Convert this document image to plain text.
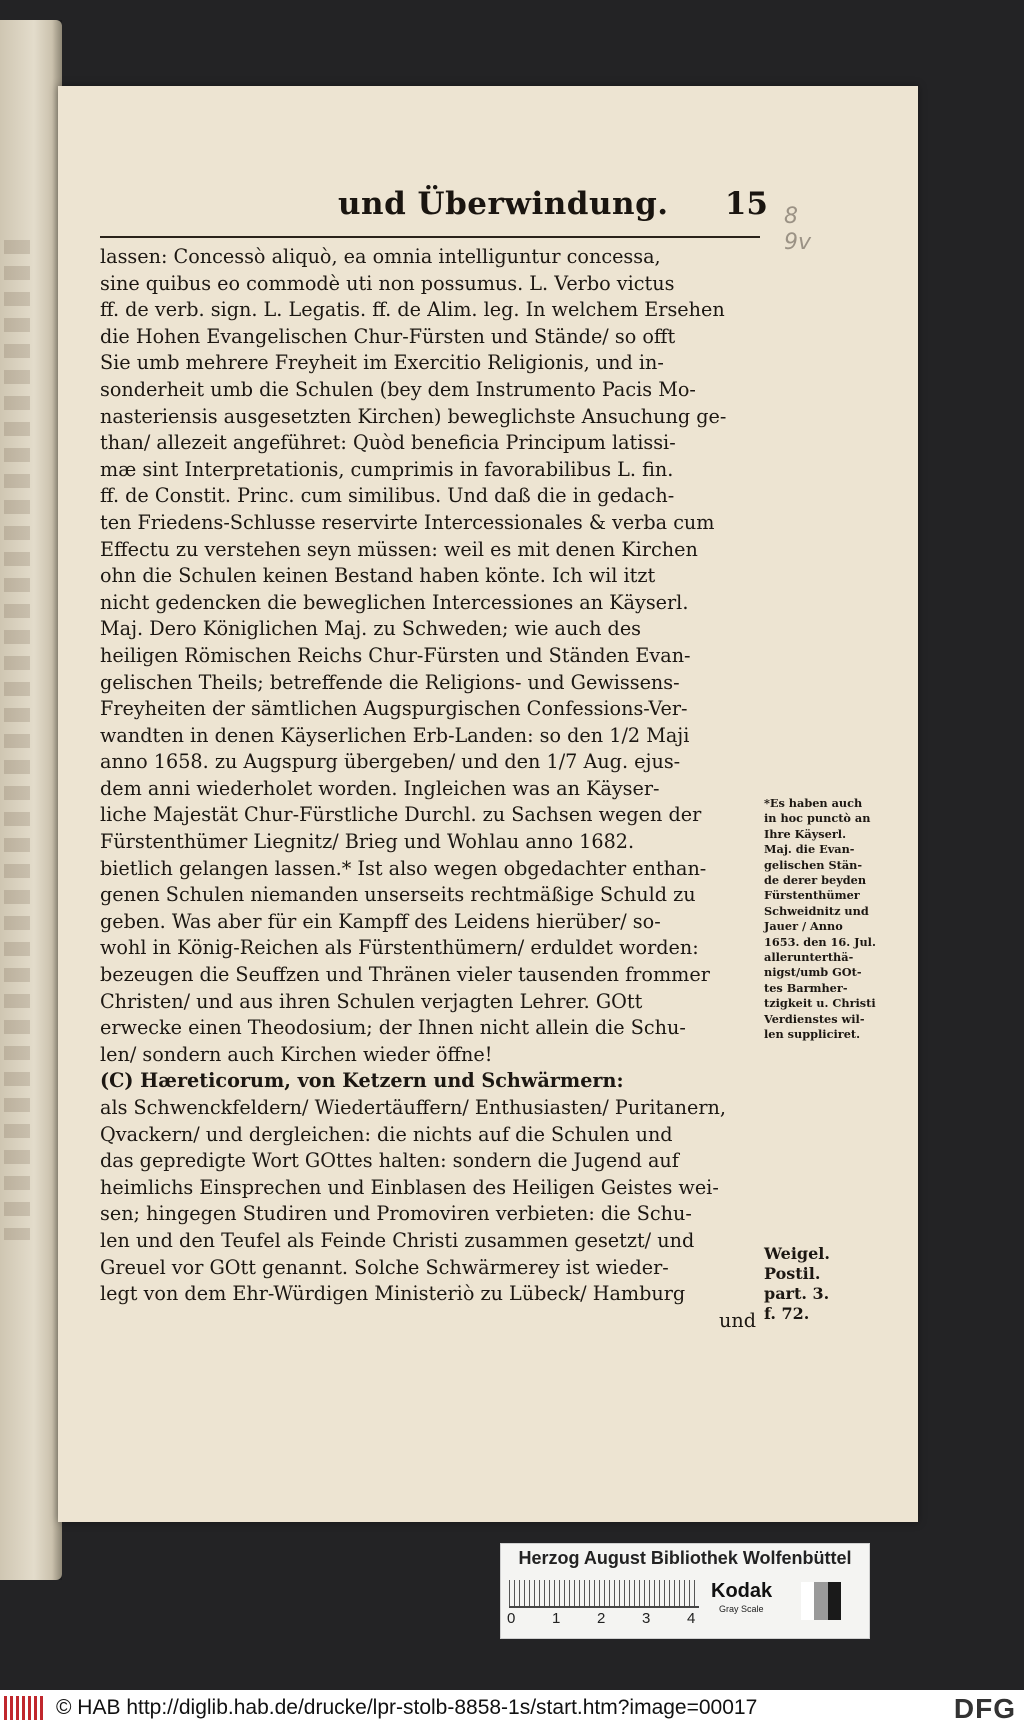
und Überwindung. 15 8
9v
lassen: Concessò aliquò, ea omnia intelliguntur concessa,
sine quibus eo commodè uti non possumus. L. Verbo victus
ff. de verb. sign. L. Legatis. ff. de Alim. leg. In welchem Ersehen
die Hohen Evangelischen Chur-Fürsten und Stände/ so offt
Sie umb mehrere Freyheit im Exercitio Religionis, und in-
sonderheit umb die Schulen (bey dem Instrumento Pacis Mo-
nasteriensis ausgesetzten Kirchen) beweglichste Ansuchung ge-
than/ allezeit angeführet: Quòd beneficia Principum latissi-
mæ sint Interpretationis, cumprimis in favorabilibus L. fin.
ff. de Constit. Princ. cum similibus. Und daß die in gedach-
ten Friedens-Schlusse reservirte Intercessionales & verba cum
Effectu zu verstehen seyn müssen: weil es mit denen Kirchen
ohn die Schulen keinen Bestand haben könte. Ich wil itzt
nicht gedencken die beweglichen Intercessiones an Käyserl.
Maj. Dero Königlichen Maj. zu Schweden; wie auch des
heiligen Römischen Reichs Chur-Fürsten und Ständen Evan-
gelischen Theils; betreffende die Religions- und Gewissens-
Freyheiten der sämtlichen Augspurgischen Confessions-Ver-
wandten in denen Käyserlichen Erb-Landen: so den 1/2 Maji
anno 1658. zu Augspurg übergeben/ und den 1/7 Aug. ejus-
dem anni wiederholet worden. Ingleichen was an Käyser-
liche Majestät Chur-Fürstliche Durchl. zu Sachsen wegen der
Fürstenthümer Liegnitz/ Brieg und Wohlau anno 1682.
bietlich gelangen lassen.* Ist also wegen obgedachter enthan-
genen Schulen niemanden unserseits rechtmäßige Schuld zu
geben. Was aber für ein Kampff des Leidens hierüber/ so-
wohl in König-Reichen als Fürstenthümern/ erduldet worden:
bezeugen die Seuffzen und Thränen vieler tausenden frommer
Christen/ und aus ihren Schulen verjagten Lehrer. GOtt
erwecke einen Theodosium; der Ihnen nicht allein die Schu-
len/ sondern auch Kirchen wieder öffne!
(C) Hæreticorum, von Ketzern und Schwärmern:
als Schwenckfeldern/ Wiedertäuffern/ Enthusiasten/ Puritanern,
Qvackern/ und dergleichen: die nichts auf die Schulen und
das gepredigte Wort GOttes halten: sondern die Jugend auf
heimlichs Einsprechen und Einblasen des Heiligen Geistes wei-
sen; hingegen Studiren und Promoviren verbieten: die Schu-
len und den Teufel als Feinde Christi zusammen gesetzt/ und
Greuel vor GOtt genannt. Solche Schwärmerey ist wieder-
legt von dem Ehr-Würdigen Ministeriò zu Lübeck/ Hamburg
und
*Es haben auch
in hoc punctò an
Ihre Käyserl.
Maj. die Evan-
gelischen Stän-
de derer beyden
Fürstenthümer
Schweidnitz und
Jauer / Anno
1653. den 16. Jul.
allerunterthä-
nigst/umb GOt-
tes Barmher-
tzigkeit u. Christi
Verdienstes wil-
len suppliciret.
Weigel.
Postil.
part. 3.
f. 72.
Herzog August Bibliothek Wolfenbüttel
0 1 2 3 4
Kodak
Gray Scale
© HAB http://diglib.hab.de/drucke/lpr-stolb-8858-1s/start.htm?image=00017	DFG
